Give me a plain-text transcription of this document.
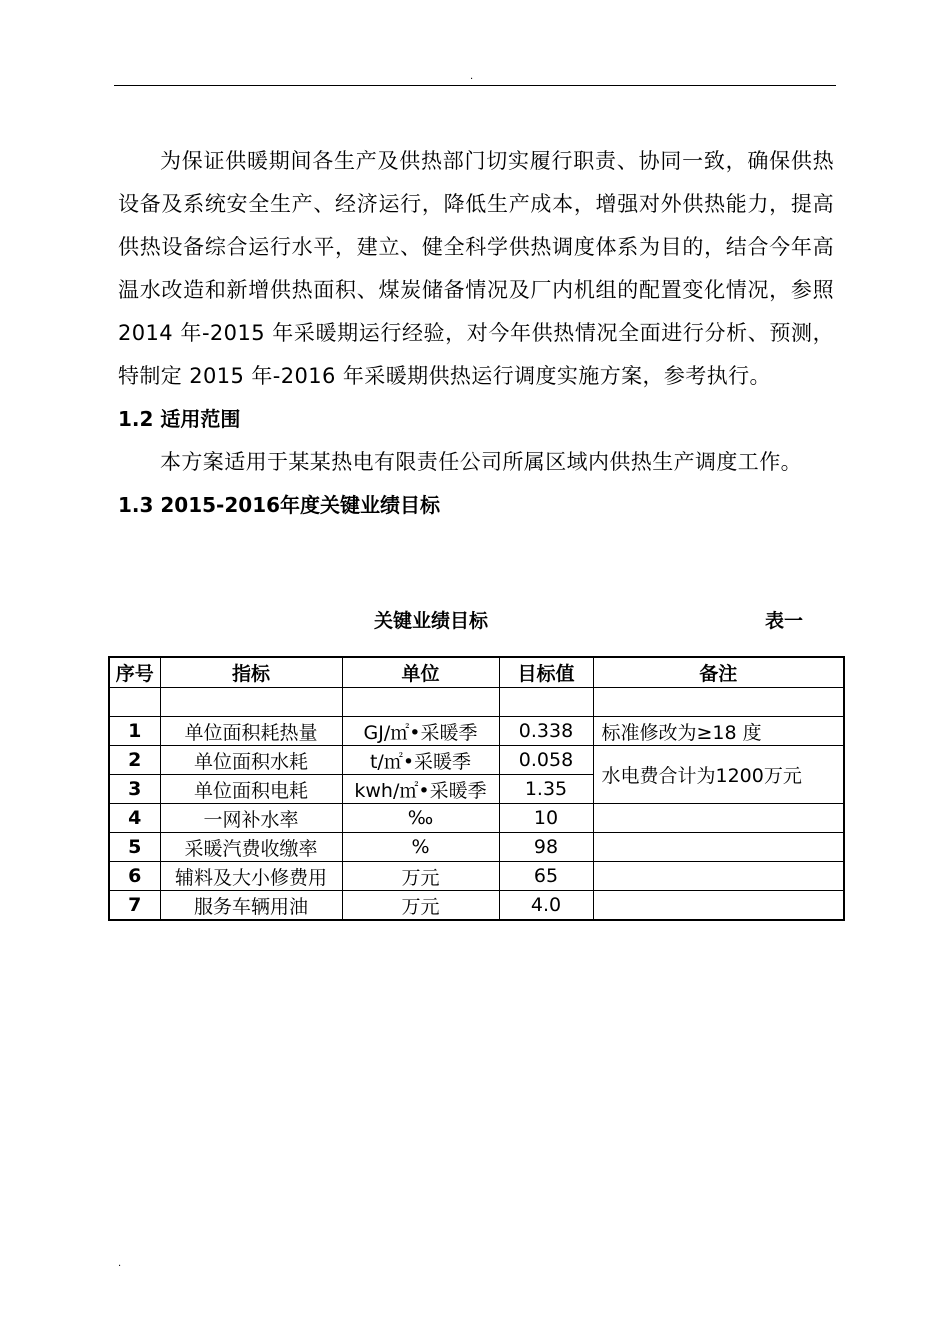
.

为保证供暖期间各生产及供热部门切实履行职责、协同一致，确保供热设备及系统安全生产、经济运行，降低生产成本，增强对外供热能力，提高供热设备综合运行水平，建立、健全科学供热调度体系为目的，结合今年高温水改造和新增供热面积、煤炭储备情况及厂内机组的配置变化情况，参照 2014 年-2015 年采暖期运行经验，对今年供热情况全面进行分析、预测，特制定 2015 年-2016 年采暖期供热运行调度实施方案，参考执行。

1.2 适用范围

本方案适用于某某热电有限责任公司所属区域内供热生产调度工作。

1.3 2015-2016年度关键业绩目标

关键业绩目标	表一
序号	指标	单位	目标值	备注

1	单位面积耗热量	GJ/㎡•采暖季	0.338	标准修改为≥18 度
2	单位面积水耗	t/㎡•采暖季	0.058	水电费合计为1200万元
3	单位面积电耗	kwh/㎡•采暖季	1.35	
4	一网补水率	‰	10	
5	采暖汽费收缴率	%	98	
6	辅料及大小修费用	万元	65	
7	服务车辆用油	万元	4.0	
.
